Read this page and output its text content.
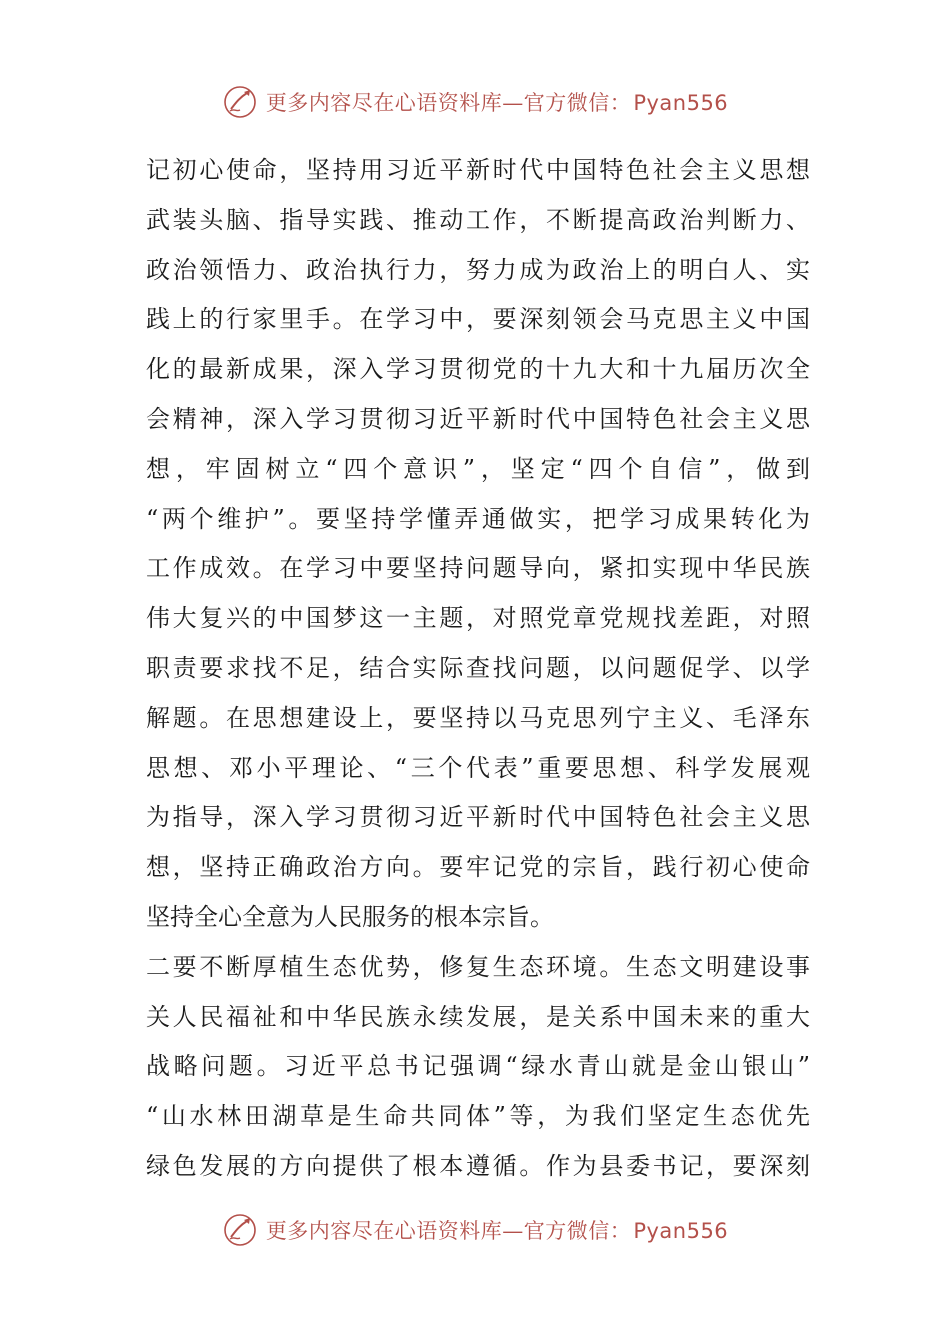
更多内容尽在心语资料库—官方微信：Pyan556
记初心使命，坚持用习近平新时代中国特色社会主义思想
武装头脑、指导实践、推动工作，不断提高政治判断力、
政治领悟力、政治执行力，努力成为政治上的明白人、实
践上的行家里手。在学习中，要深刻领会马克思主义中国
化的最新成果，深入学习贯彻党的十九大和十九届历次全
会精神，深入学习贯彻习近平新时代中国特色社会主义思
想，牢固树立“四个意识”，坚定“四个自信”，做到
“两个维护”。要坚持学懂弄通做实，把学习成果转化为
工作成效。在学习中要坚持问题导向，紧扣实现中华民族
伟大复兴的中国梦这一主题，对照党章党规找差距，对照
职责要求找不足，结合实际查找问题，以问题促学、以学
解题。在思想建设上，要坚持以马克思列宁主义、毛泽东
思想、邓小平理论、“三个代表”重要思想、科学发展观
为指导，深入学习贯彻习近平新时代中国特色社会主义思
想，坚持正确政治方向。要牢记党的宗旨，践行初心使命
坚持全心全意为人民服务的根本宗旨。
二要不断厚植生态优势，修复生态环境。生态文明建设事
关人民福祉和中华民族永续发展，是关系中国未来的重大
战略问题。习近平总书记强调“绿水青山就是金山银山”
“山水林田湖草是生命共同体”等，为我们坚定生态优先
绿色发展的方向提供了根本遵循。作为县委书记，要深刻
更多内容尽在心语资料库—官方微信：Pyan556
